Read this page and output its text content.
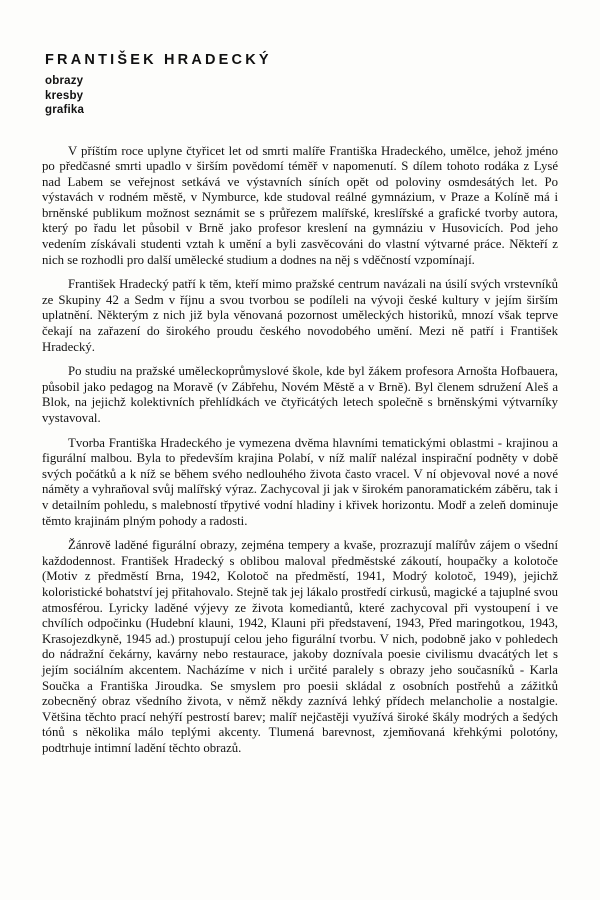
FRANTIŠEK HRADECKÝ
obrazy
kresby
grafika

V příštím roce uplyne čtyřicet let od smrti malíře Františka Hradeckého, umělce, jehož jméno po předčasné smrti upadlo v širším povědomí téměř v napomenutí. S dílem tohoto rodáka z Lysé nad Labem se veřejnost setkává ve výstavních síních opět od poloviny osmdesátých let. Po výstavách v rodném městě, v Nymburce, kde studoval reálné gymnázium, v Praze a Kolíně má i brněnské publikum možnost seznámit se s průřezem malířské, kreslířské a grafické tvorby autora, který po řadu let působil v Brně jako profesor kreslení na gymnáziu v Husovicích. Pod jeho vedením získávali studenti vztah k umění a byli zasvěcováni do vlastní výtvarné práce. Někteří z nich se rozhodli pro další umělecké studium a dodnes na něj s vděčností vzpomínají.

František Hradecký patří k těm, kteří mimo pražské centrum navázali na úsilí svých vrstevníků ze Skupiny 42 a Sedm v říjnu a svou tvorbou se podíleli na vývoji české kultury v jejím širším uplatnění. Některým z nich již byla věnovaná pozornost uměleckých historiků, mnozí však teprve čekají na zařazení do širokého proudu českého novodobého umění. Mezi ně patří i František Hradecký.

Po studiu na pražské uměleckoprůmyslové škole, kde byl žákem profesora Arnošta Hofbauera, působil jako pedagog na Moravě (v Zábřehu, Novém Městě a v Brně). Byl členem sdružení Aleš a Blok, na jejichž kolektivních přehlídkách ve čtyřicátých letech společně s brněnskými výtvarníky vystavoval.

Tvorba Františka Hradeckého je vymezena dvěma hlavními tematickými oblastmi - krajinou a figurální malbou. Byla to především krajina Polabí, v níž malíř nalézal inspirační podněty v době svých počátků a k níž se během svého nedlouhého života často vracel. V ní objevoval nové a nové náměty a vyhraňoval svůj malířský výraz. Zachycoval ji jak v širokém panoramatickém záběru, tak i v detailním pohledu, s malebností třpytivé vodní hladiny i křivek horizontu. Modř a zeleň dominuje těmto krajinám plným pohody a radosti.

Žánrově laděné figurální obrazy, zejména tempery a kvaše, prozrazují malířův zájem o všední každodennost. František Hradecký s oblibou maloval předměstské zákoutí, houpačky a kolotoče (Motiv z předměstí Brna, 1942, Kolotoč na předměstí, 1941, Modrý kolotoč, 1949), jejichž koloristické bohatství jej přitahovalo. Stejně tak jej lákalo prostředí cirkusů, magické a tajuplné svou atmosférou. Lyricky laděné výjevy ze života komediantů, které zachycoval při vystoupení i ve chvílích odpočinku (Hudební klauni, 1942, Klauni při představení, 1943, Před maringotkou, 1943, Krasojezdkyně, 1945 ad.) prostupují celou jeho figurální tvorbu. V nich, podobně jako v pohledech do nádražní čekárny, kavárny nebo restaurace, jakoby doznívala poesie civilismu dvacátých let s jejím sociálním akcentem. Nacházíme v nich i určité paralely s obrazy jeho současníků - Karla Součka a Františka Jiroudka. Se smyslem pro poesii skládal z osobních postřehů a zážitků zobecněný obraz všedního života, v němž někdy zaznívá lehký přídech melancholie a nostalgie. Většina těchto prací nehýří pestrostí barev; malíř nejčastěji využívá široké škály modrých a šedých tónů s několika málo teplými akcenty. Tlumená barevnost, zjemňovaná křehkými polotóny, podtrhuje intimní ladění těchto obrazů.
